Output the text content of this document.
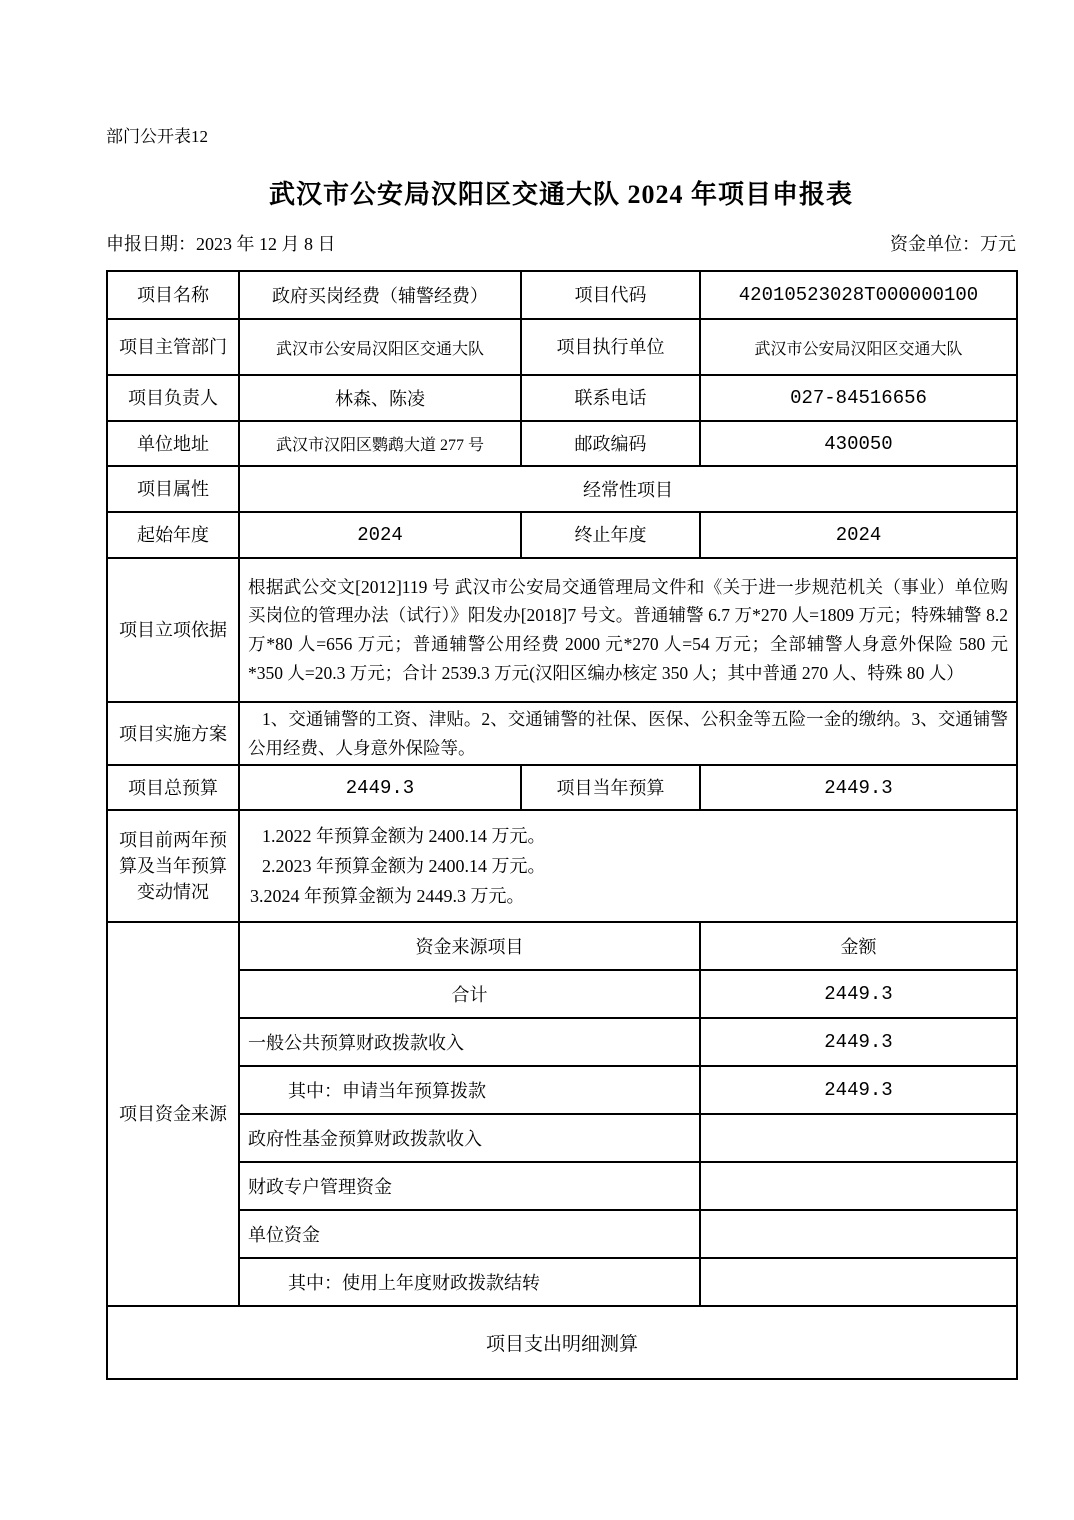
部门公开表12
武汉市公安局汉阳区交通大队 2024 年项目申报表
申报日期：2023 年 12 月 8 日	资金单位：万元
项目名称	政府买岗经费（辅警经费）	项目代码	42010523028T000000100
项目主管部门	武汉市公安局汉阳区交通大队	项目执行单位	武汉市公安局汉阳区交通大队
项目负责人	林森、陈凌	联系电话	027-84516656
单位地址	武汉市汉阳区鹦鹉大道 277 号	邮政编码	430050
项目属性	经常性项目		
起始年度	2024	终止年度	2024
项目立项依据	根据武公交文[2012]119 号 武汉市公安局交通管理局文件和《关于进一步规范机关（事业）单位购买岗位的管理办法（试行）》阳发办[2018]7 号文。普通辅警 6.7 万*270 人=1809 万元；特殊辅警 8.2 万*80 人=656 万元；普通辅警公用经费 2000 元*270 人=54 万元；全部辅警人身意外保险 580 元*350 人=20.3 万元；合计 2539.3 万元(汉阳区编办核定 350 人；其中普通 270 人、特殊 80 人）		
项目实施方案	1、交通铺警的工资、津贴。2、交通铺警的社保、医保、公积金等五险一金的缴纳。3、交通铺警公用经费、人身意外保险等。		
项目总预算	2449.3	项目当年预算	2449.3
项目前两年预算及当年预算变动情况	1.2022 年预算金额为 2400.14 万元。
2.2023 年预算金额为 2400.14 万元。
3.2024 年预算金额为 2449.3 万元。		

项目资金来源	资金来源项目		金额
	合计		2449.3
	一般公共预算财政拨款收入		2449.3
	其中：申请当年预算拨款		2449.3
	政府性基金预算财政拨款收入		
	财政专户管理资金		
	单位资金		
	其中：使用上年度财政拨款结转		
项目支出明细测算			
